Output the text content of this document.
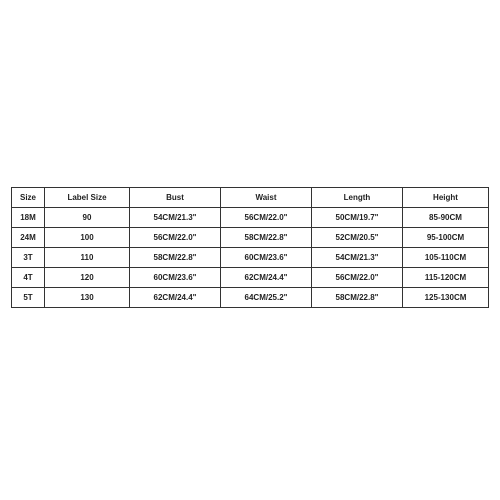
Size	Label Size	Bust	Waist	Length	Height
18M	90	54CM/21.3"	56CM/22.0"	50CM/19.7"	85-90CM
24M	100	56CM/22.0"	58CM/22.8"	52CM/20.5"	95-100CM
3T	110	58CM/22.8"	60CM/23.6"	54CM/21.3"	105-110CM
4T	120	60CM/23.6"	62CM/24.4"	56CM/22.0"	115-120CM
5T	130	62CM/24.4"	64CM/25.2"	58CM/22.8"	125-130CM
